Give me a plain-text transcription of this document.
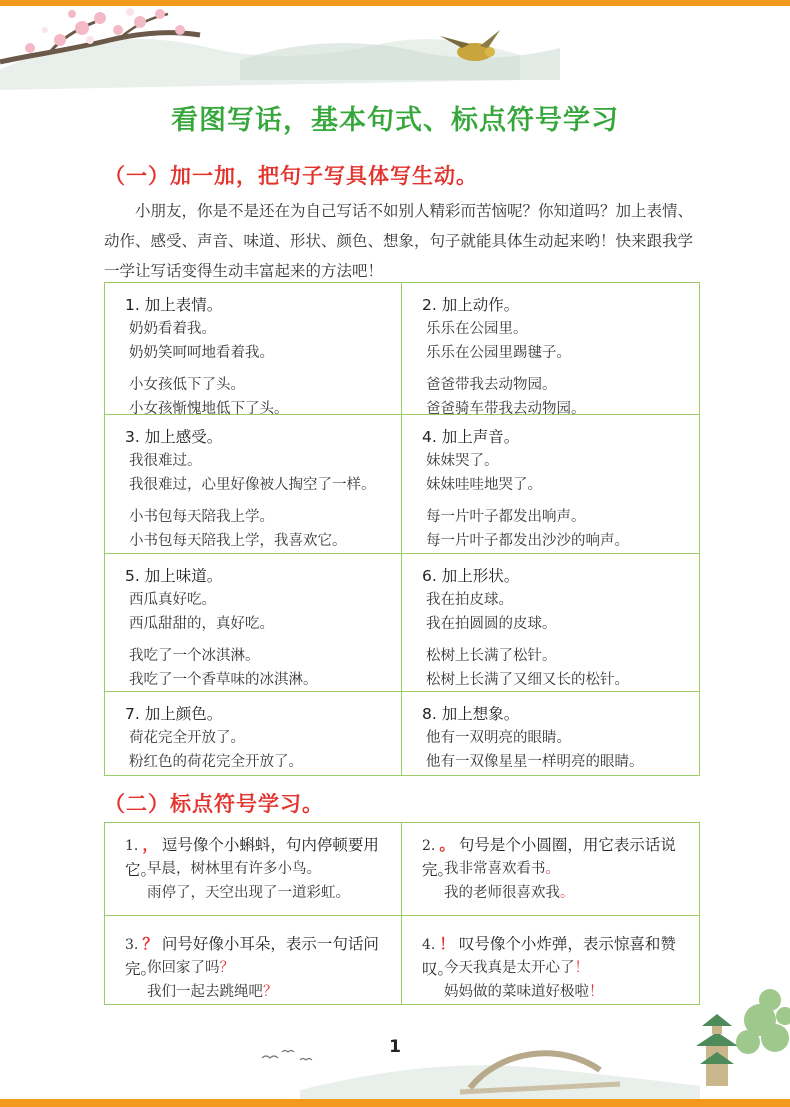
看图写话，基本句式、标点符号学习
（一）加一加，把句子写具体写生动。
小朋友，你是不是还在为自己写话不如别人精彩而苦恼呢？你知道吗？加上表情、动作、感受、声音、味道、形状、颜色、想象，句子就能具体生动起来哟！快来跟我学一学让写话变得生动丰富起来的方法吧！
1. 加上表情。
奶奶看着我。
奶奶笑呵呵地看着我。
小女孩低下了头。
小女孩惭愧地低下了头。
2. 加上动作。
乐乐在公园里。
乐乐在公园里踢毽子。
爸爸带我去动物园。
爸爸骑车带我去动物园。
3. 加上感受。
我很难过。
我很难过，心里好像被人掏空了一样。
小书包每天陪我上学。
小书包每天陪我上学，我喜欢它。
4. 加上声音。
妹妹哭了。
妹妹哇哇地哭了。
每一片叶子都发出响声。
每一片叶子都发出沙沙的响声。
5. 加上味道。
西瓜真好吃。
西瓜甜甜的，真好吃。
我吃了一个冰淇淋。
我吃了一个香草味的冰淇淋。
6. 加上形状。
我在拍皮球。
我在拍圆圆的皮球。
松树上长满了松针。
松树上长满了又细又长的松针。
7. 加上颜色。
荷花完全开放了。
粉红色的荷花完全开放了。
8. 加上想象。
他有一双明亮的眼睛。
他有一双像星星一样明亮的眼睛。
（二）标点符号学习。
1. ， 逗号像个小蝌蚪，句内停顿要用它。
早晨，树林里有许多小鸟。
雨停了，天空出现了一道彩虹。
2. 。 句号是个小圆圈，用它表示话说完。
我非常喜欢看书。
我的老师很喜欢我。
3. ？ 问号好像小耳朵，表示一句话问完。
你回家了吗？
我们一起去跳绳吧？
4. ！ 叹号像个小炸弹，表示惊喜和赞叹。
今天我真是太开心了！
妈妈做的菜味道好极啦！
1
